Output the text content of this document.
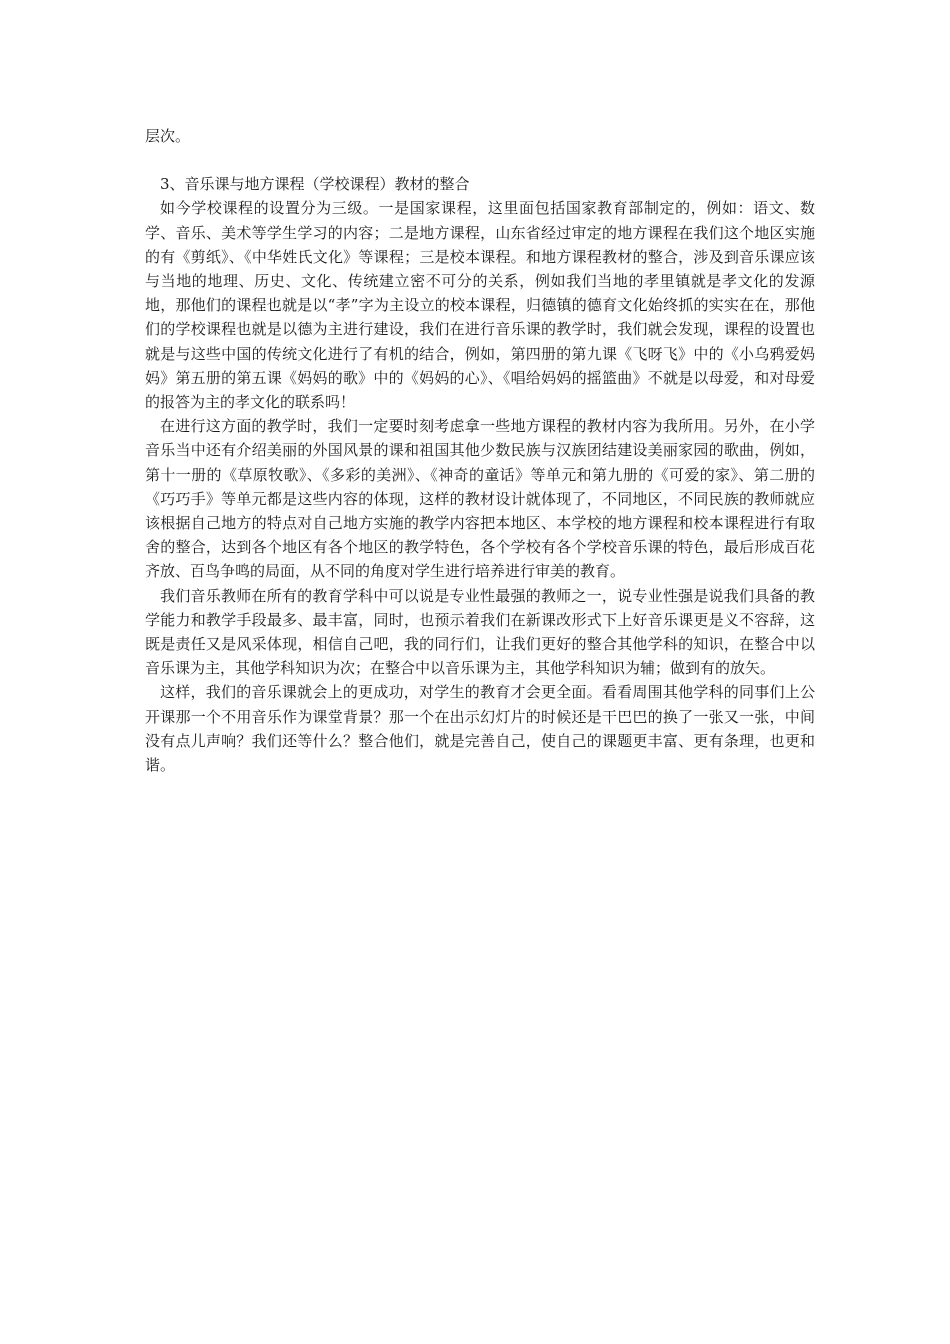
层次。

3、音乐课与地方课程（学校课程）教材的整合

如今学校课程的设置分为三级。一是国家课程，这里面包括国家教育部制定的，例如：语文、数学、音乐、美术等学生学习的内容；二是地方课程，山东省经过审定的地方课程在我们这个地区实施的有《剪纸》、《中华姓氏文化》等课程；三是校本课程。和地方课程教材的整合，涉及到音乐课应该与当地的地理、历史、文化、传统建立密不可分的关系，例如我们当地的孝里镇就是孝文化的发源地，那他们的课程也就是以“孝”字为主设立的校本课程，归德镇的德育文化始终抓的实实在在，那他们的学校课程也就是以德为主进行建设，我们在进行音乐课的教学时，我们就会发现，课程的设置也就是与这些中国的传统文化进行了有机的结合，例如，第四册的第九课《飞呀飞》中的《小乌鸦爱妈妈》第五册的第五课《妈妈的歌》中的《妈妈的心》、《唱给妈妈的摇篮曲》不就是以母爱，和对母爱的报答为主的孝文化的联系吗！

在进行这方面的教学时，我们一定要时刻考虑拿一些地方课程的教材内容为我所用。另外，在小学音乐当中还有介绍美丽的外国风景的课和祖国其他少数民族与汉族团结建设美丽家园的歌曲，例如，第十一册的《草原牧歌》、《多彩的美洲》、《神奇的童话》等单元和第九册的《可爱的家》、第二册的《巧巧手》等单元都是这些内容的体现，这样的教材设计就体现了，不同地区，不同民族的教师就应该根据自己地方的特点对自己地方实施的教学内容把本地区、本学校的地方课程和校本课程进行有取舍的整合，达到各个地区有各个地区的教学特色，各个学校有各个学校音乐课的特色，最后形成百花齐放、百鸟争鸣的局面，从不同的角度对学生进行培养进行审美的教育。

我们音乐教师在所有的教育学科中可以说是专业性最强的教师之一，说专业性强是说我们具备的教学能力和教学手段最多、最丰富，同时，也预示着我们在新课改形式下上好音乐课更是义不容辞，这既是责任又是风采体现，相信自己吧，我的同行们，让我们更好的整合其他学科的知识，在整合中以音乐课为主，其他学科知识为次；在整合中以音乐课为主，其他学科知识为辅；做到有的放矢。

这样，我们的音乐课就会上的更成功，对学生的教育才会更全面。看看周围其他学科的同事们上公开课那一个不用音乐作为课堂背景？那一个在出示幻灯片的时候还是干巴巴的换了一张又一张，中间没有点儿声响？我们还等什么？整合他们，就是完善自己，使自己的课题更丰富、更有条理，也更和谐。
